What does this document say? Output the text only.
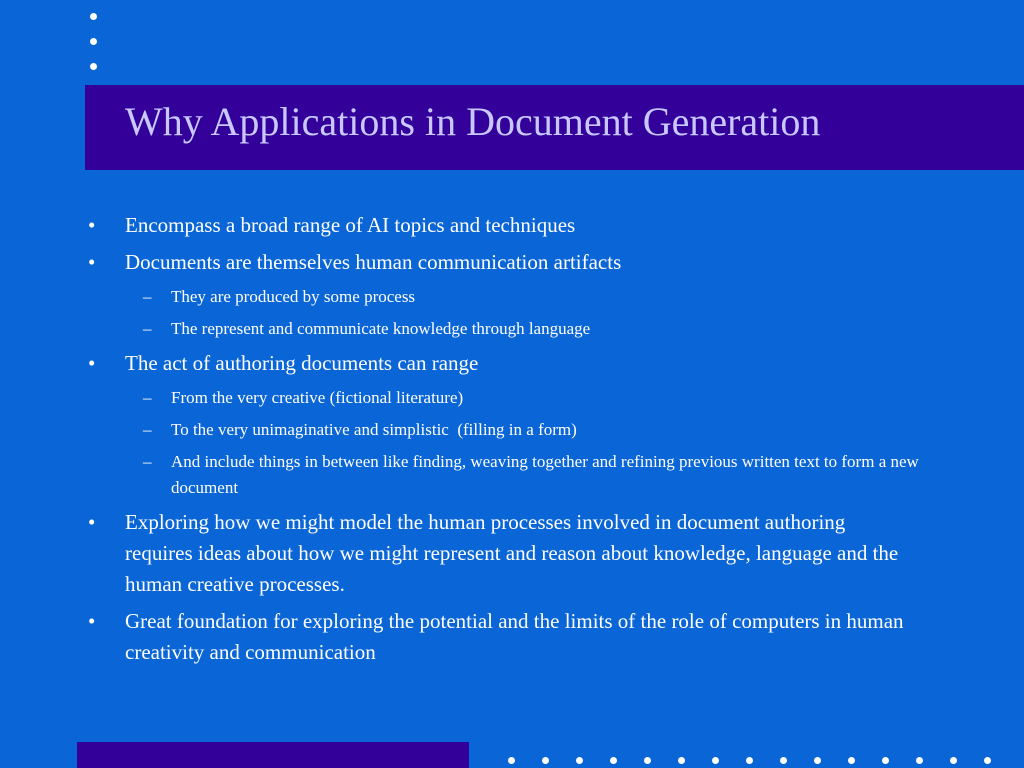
Why Applications in Document Generation
• Encompass a broad range of AI topics and techniques
• Documents are themselves human communication artifacts
– They are produced by some process
– The represent and communicate knowledge through language
• The act of authoring documents can range
– From the very creative (fictional literature)
– To the very unimaginative and simplistic  (filling in a form)
– And include things in between like finding, weaving together and refining previous written text to form a new document
• Exploring how we might model the human processes involved in document authoring requires ideas about how we might represent and reason about knowledge, language and the human creative processes.
• Great foundation for exploring the potential and the limits of the role of computers in human creativity and communication
